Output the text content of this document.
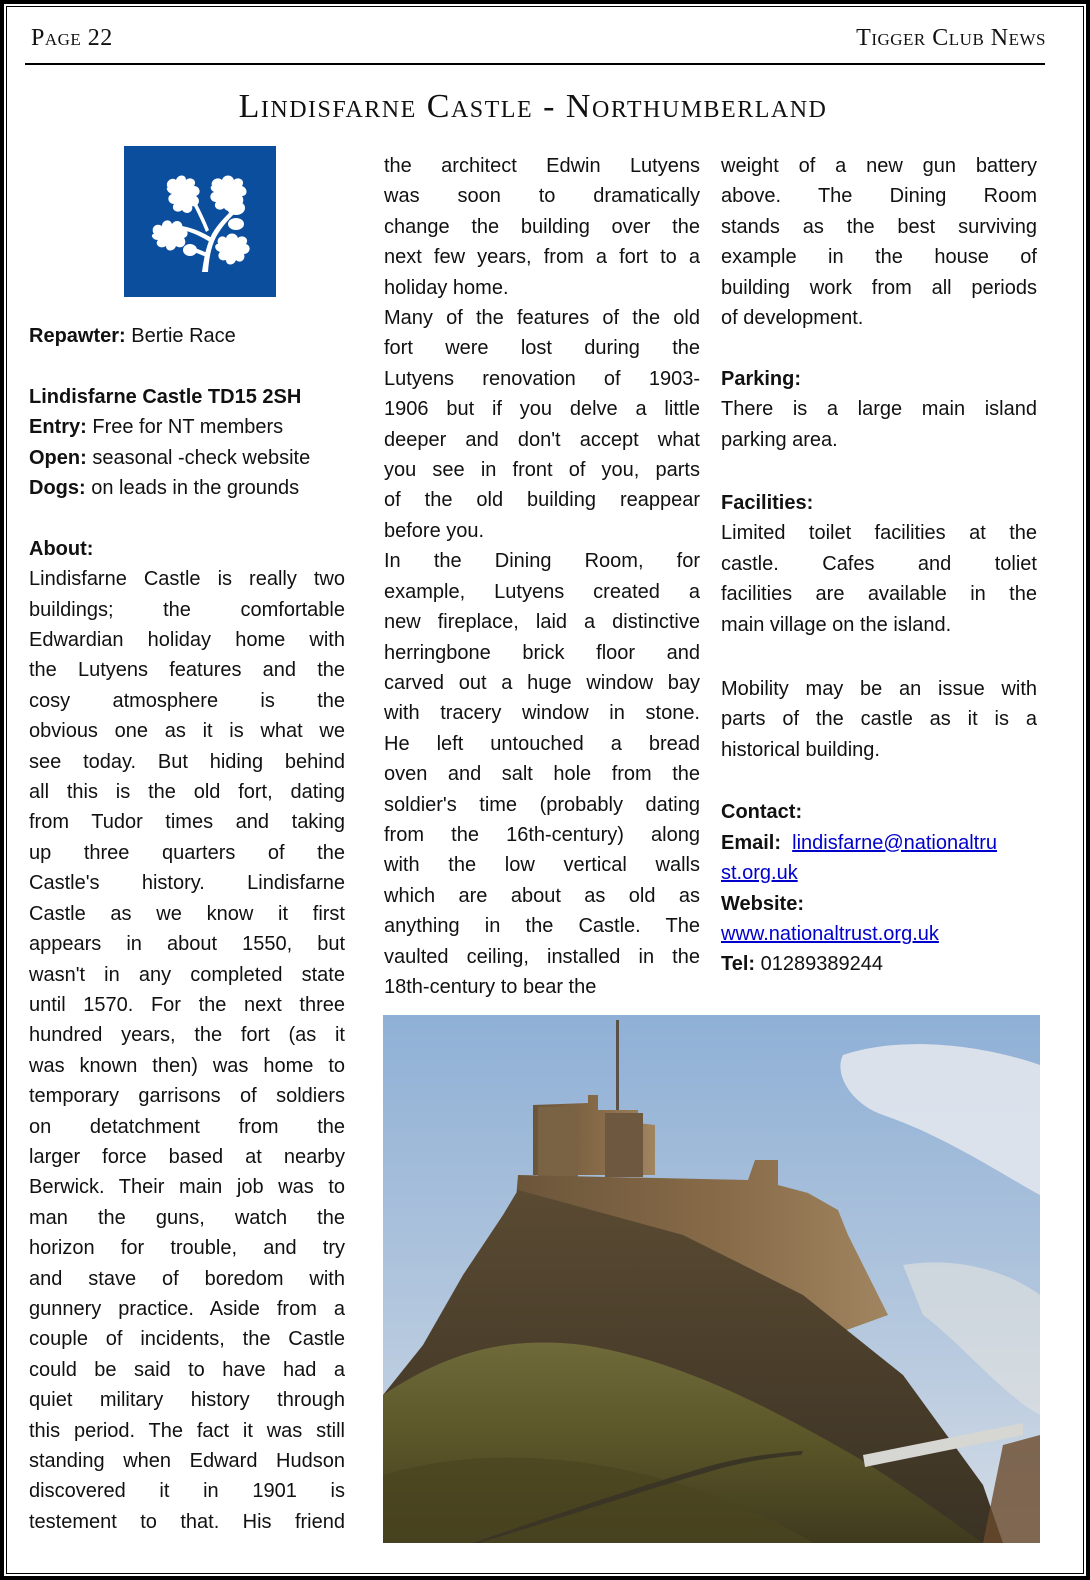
Page 22	Tigger Club News
Lindisfarne Castle - Northumberland

Repawter: Bertie Race

Lindisfarne Castle TD15 2SH

Entry: Free for NT members

Open: seasonal -check website

Dogs: on leads in the grounds

About:

Lindisfarne Castle is really two

buildings; the comfortable

Edwardian holiday home with

the Lutyens features and the

cosy atmosphere is the

obvious one as it is what we

see today. But hiding behind

all this is the old fort, dating

from Tudor times and taking

up three quarters of the

Castle's history. Lindisfarne

Castle as we know it first

appears in about 1550, but

wasn't in any completed state

until 1570. For the next three

hundred years, the fort (as it

was known then) was home to

temporary garrisons of soldiers

on detatchment from the

larger force based at nearby

Berwick. Their main job was to

man the guns, watch the

horizon for trouble, and try

and stave of boredom with

gunnery practice. Aside from a

couple of incidents, the Castle

could be said to have had a

quiet military history through

this period. The fact it was still

standing when Edward Hudson

discovered it in 1901 is

testement to that. His friend

the architect Edwin Lutyens

was soon to dramatically

change the building over the

next few years, from a fort to a

holiday home.

Many of the features of the old

fort were lost during the

Lutyens renovation of 1903-

1906 but if you delve a little

deeper and don't accept what

you see in front of you, parts

of the old building reappear

before you.

In the Dining Room, for

example, Lutyens created a

new fireplace, laid a distinctive

herringbone brick floor and

carved out a huge window bay

with tracery window in stone.

He left untouched a bread

oven and salt hole from the

soldier's time (probably dating

from the 16th-century) along

with the low vertical walls

which are about as old as

anything in the Castle. The

vaulted ceiling, installed in the

18th-century to bear the

weight of a new gun battery

above. The Dining Room

stands as the best surviving

example in the house of

building work from all periods

of development.

Parking:

There is a large main island

parking area.

Facilities:

Limited toilet facilities at the

castle. Cafes and toliet

facilities are available in the

main village on the island.

Mobility may be an issue with

parts of the castle as it is a

historical building.

Contact:

Email: lindisfarne@nationaltru

st.org.uk

Website:

www.nationaltrust.org.uk

Tel: 01289389244
